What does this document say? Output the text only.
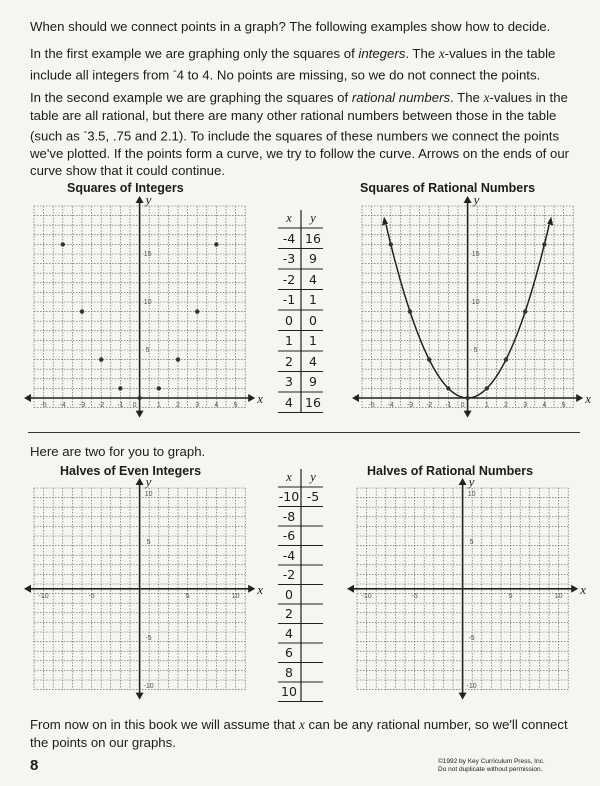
When should we connect points in a graph? The following examples show how to decide.

In the first example we are graphing only the squares of integers. The x-values in the table include all integers from -4 to 4. No points are missing, so we do not connect the points.

In the second example we are graphing the squares of rational numbers. The x-values in the table are all rational, but there are many other rational numbers between those in the table (such as -3.5, .75 and 2.1). To include the squares of these numbers we connect the points we've plotted. If the points form a curve, we try to follow the curve. Arrows on the ends of our curve show that it could continue.

Squares of Integers	Squares of Rational Numbers

-5 -4 -3 -2 -1 0	1 2 3 4 5
15
10
5
x
y
-5 -4 -3 -2 -1 0	1 2 3 4 5
15
10
5
x
y
x	y
-4 16
-3	9
-2	4
-1	1
0	0
1	1
2	4
3	9
4 16

Here are two for you to graph.

Halves of Even Integers	Halves of Rational Numbers

-10	-5	5	10
10
5
-5
-10
x
y
-10	-5	5	10
10
5
-5
-10
x
y
x	y
-10 -5
-8
-6
-4
-2
0
2
4
6
8
10

From now on in this book we will assume that x can be any rational number, so we'll connect the points on our graphs.

8	©1992 by Key Curriculum Press, Inc.
Do not duplicate without permission.
